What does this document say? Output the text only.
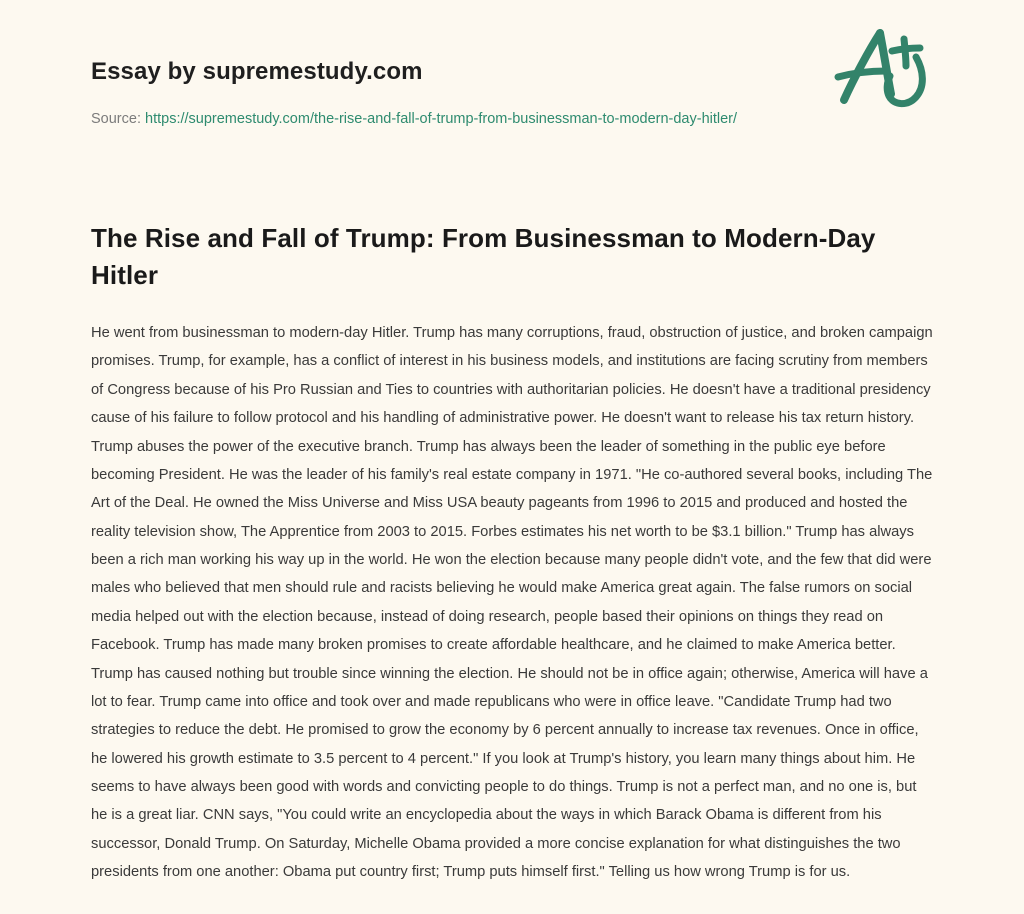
Essay by supremestudy.com
Source: https://supremestudy.com/the-rise-and-fall-of-trump-from-businessman-to-modern-day-hitler/
The Rise and Fall of Trump: From Businessman to Modern-Day Hitler

He went from businessman to modern-day Hitler. Trump has many corruptions, fraud, obstruction of justice, and broken campaign promises. Trump, for example, has a conflict of interest in his business models, and institutions are facing scrutiny from members of Congress because of his Pro Russian and Ties to countries with authoritarian policies. He doesn't have a traditional presidency cause of his failure to follow protocol and his handling of administrative power. He doesn't want to release his tax return history. Trump abuses the power of the executive branch. Trump has always been the leader of something in the public eye before becoming President. He was the leader of his family's real estate company in 1971. "He co-authored several books, including The Art of the Deal. He owned the Miss Universe and Miss USA beauty pageants from 1996 to 2015 and produced and hosted the reality television show, The Apprentice from 2003 to 2015. Forbes estimates his net worth to be $3.1 billion." Trump has always been a rich man working his way up in the world. He won the election because many people didn't vote, and the few that did were males who believed that men should rule and racists believing he would make America great again. The false rumors on social media helped out with the election because, instead of doing research, people based their opinions on things they read on Facebook. Trump has made many broken promises to create affordable healthcare, and he claimed to make America better. Trump has caused nothing but trouble since winning the election. He should not be in office again; otherwise, America will have a lot to fear. Trump came into office and took over and made republicans who were in office leave. "Candidate Trump had two strategies to reduce the debt. He promised to grow the economy by 6 percent annually to increase tax revenues. Once in office, he lowered his growth estimate to 3.5 percent to 4 percent." If you look at Trump's history, you learn many things about him. He seems to have always been good with words and convicting people to do things. Trump is not a perfect man, and no one is, but he is a great liar. CNN says, "You could write an encyclopedia about the ways in which Barack Obama is different from his successor, Donald Trump. On Saturday, Michelle Obama provided a more concise explanation for what distinguishes the two presidents from one another: Obama put country first; Trump puts himself first." Telling us how wrong Trump is for us.
